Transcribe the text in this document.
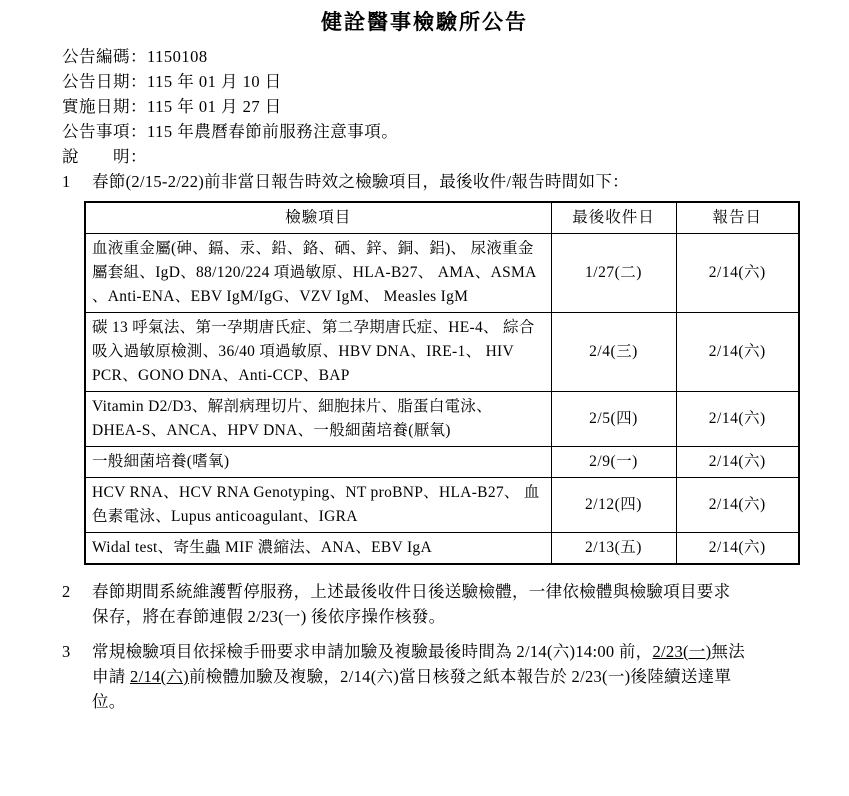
健詮醫事檢驗所公告
公告編碼：1150108
公告日期：115 年 01 月 10 日
實施日期：115 年 01 月 27 日
公告事項：115 年農曆春節前服務注意事項。
說　　明：
1	春節(2/15-2/22)前非當日報告時效之檢驗項目，最後收件/報告時間如下：
檢驗項目	最後收件日	報告日
血液重金屬(砷、鎘、汞、鉛、鉻、硒、鋅、銅、鋁)、 尿液重金屬套組、IgD、88/120/224 項過敏原、HLA-B27、 AMA、ASMA 、Anti-ENA、EBV IgM/IgG、VZV IgM、 Measles IgM	1/27(二)	2/14(六)
碳 13 呼氣法、第一孕期唐氏症、第二孕期唐氏症、HE-4、 綜合吸入過敏原檢測、36/40 項過敏原、HBV DNA、IRE-1、 HIV PCR、GONO DNA、Anti-CCP、BAP	2/4(三)	2/14(六)
Vitamin D2/D3、解剖病理切片、細胞抹片、脂蛋白電泳、 DHEA-S、ANCA、HPV DNA、一般細菌培養(厭氧)	2/5(四)	2/14(六)
一般細菌培養(嗜氧)	2/9(一)	2/14(六)
HCV RNA、HCV RNA Genotyping、NT proBNP、HLA-B27、 血色素電泳、Lupus anticoagulant、IGRA	2/12(四)	2/14(六)
Widal test、寄生蟲 MIF 濃縮法、ANA、EBV IgA	2/13(五)	2/14(六)
2	春節期間系統維護暫停服務，上述最後收件日後送驗檢體，一律依檢體與檢驗項目要求
保存，將在春節連假 2/23(一) 後依序操作核發。
3	常規檢驗項目依採檢手冊要求申請加驗及複驗最後時間為 2/14(六)14:00 前，2/23(一)無法
申請 2/14(六)前檢體加驗及複驗，2/14(六)當日核發之紙本報告於 2/23(一)後陸續送達單
位。
